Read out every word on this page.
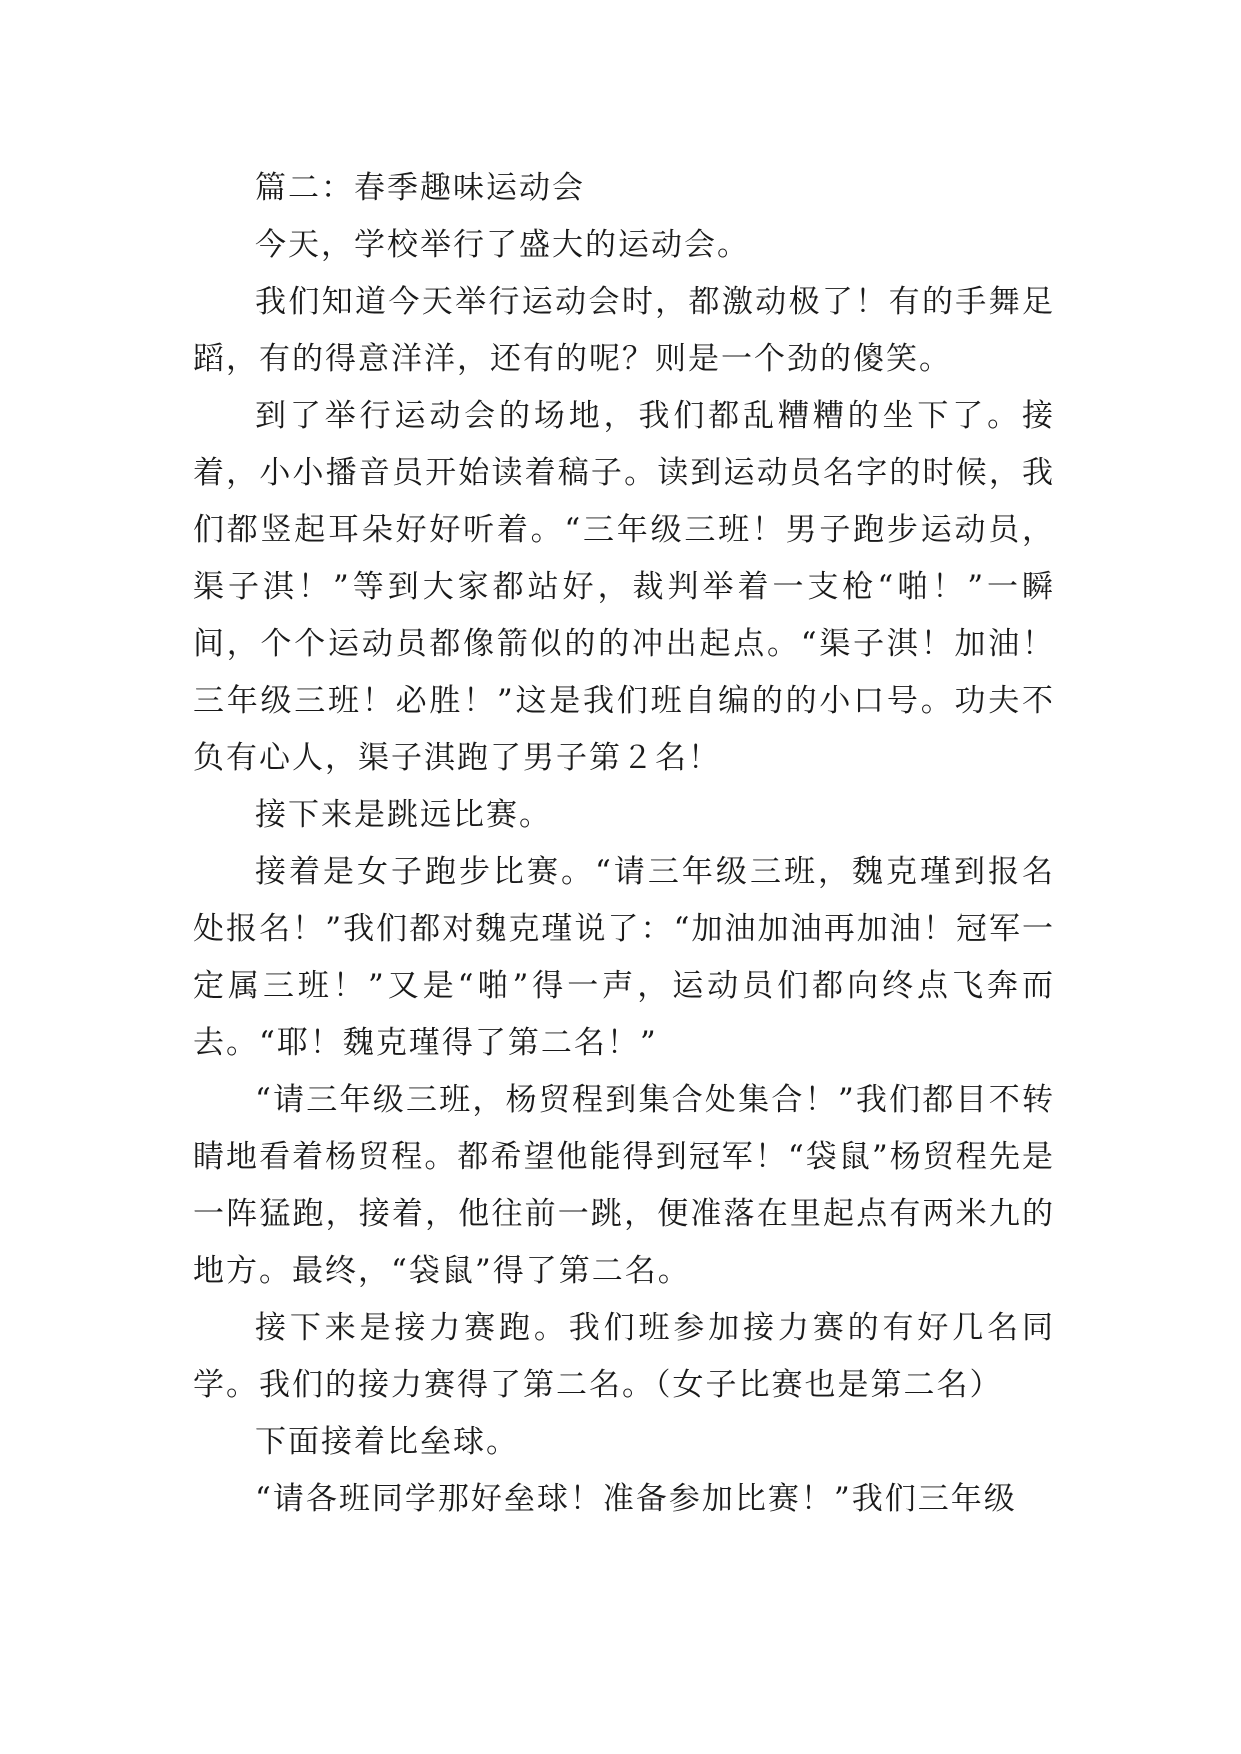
篇二：春季趣味运动会

今天，学校举行了盛大的运动会。

我们知道今天举行运动会时，都激动极了！有的手舞足蹈，有的得意洋洋，还有的呢？则是一个劲的傻笑。

到了举行运动会的场地，我们都乱糟糟的坐下了。接着，小小播音员开始读着稿子。读到运动员名字的时候，我们都竖起耳朵好好听着。“三年级三班！男子跑步运动员，渠子淇！”等到大家都站好，裁判举着一支枪“啪！”一瞬间，个个运动员都像箭似的的冲出起点。“渠子淇！加油！三年级三班！必胜！”这是我们班自编的的小口号。功夫不负有心人，渠子淇跑了男子第２名！

接下来是跳远比赛。

接着是女子跑步比赛。“请三年级三班，魏克瑾到报名处报名！”我们都对魏克瑾说了：“加油加油再加油！冠军一定属三班！”又是“啪”得一声，运动员们都向终点飞奔而去。“耶！魏克瑾得了第二名！”

“请三年级三班，杨贸程到集合处集合！”我们都目不转睛地看着杨贸程。都希望他能得到冠军！“袋鼠”杨贸程先是一阵猛跑，接着，他往前一跳，便准落在里起点有两米九的地方。最终，“袋鼠”得了第二名。

接下来是接力赛跑。我们班参加接力赛的有好几名同学。我们的接力赛得了第二名。（女子比赛也是第二名）

下面接着比垒球。

“请各班同学那好垒球！准备参加比赛！”我们三年级
